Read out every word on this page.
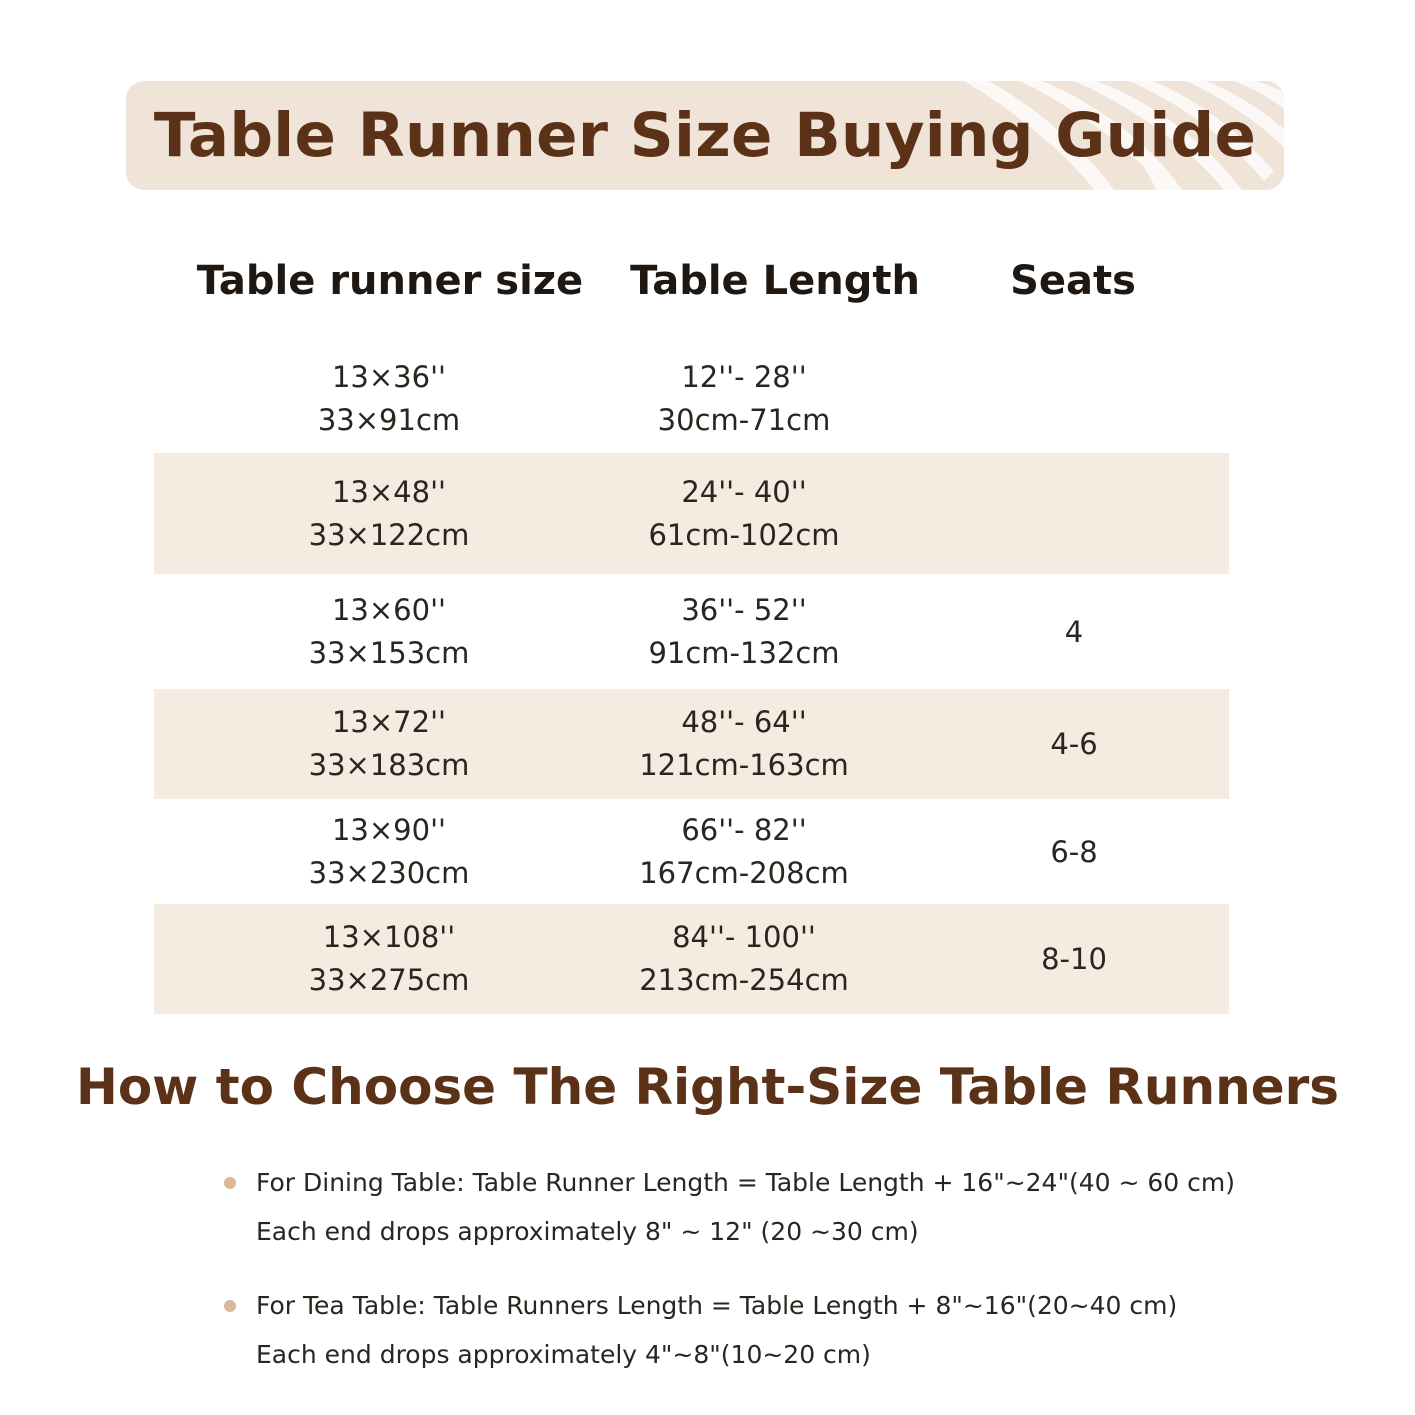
Table Runner Size Buying Guide
Table runner size Table Length	Seats
13×36''
33×91cm
12''- 28''
30cm-71cm
13×48''
33×122cm
24''- 40''
61cm-102cm
13×60''
33×153cm
36''- 52''
91cm-132cm
4
13×72''
33×183cm
48''- 64''
121cm-163cm
4-6
13×90''
33×230cm
66''- 82''
167cm-208cm
6-8
13×108''
33×275cm
84''- 100''
213cm-254cm
8-10
How to Choose The Right-Size Table Runners
For Dining Table: Table Runner Length = Table Length + 16"~24"(40 ~ 60 cm)
Each end drops approximately 8" ~ 12" (20 ~30 cm)
For Tea Table: Table Runners Length = Table Length + 8"~16"(20~40 cm)
Each end drops approximately 4"~8"(10~20 cm)
